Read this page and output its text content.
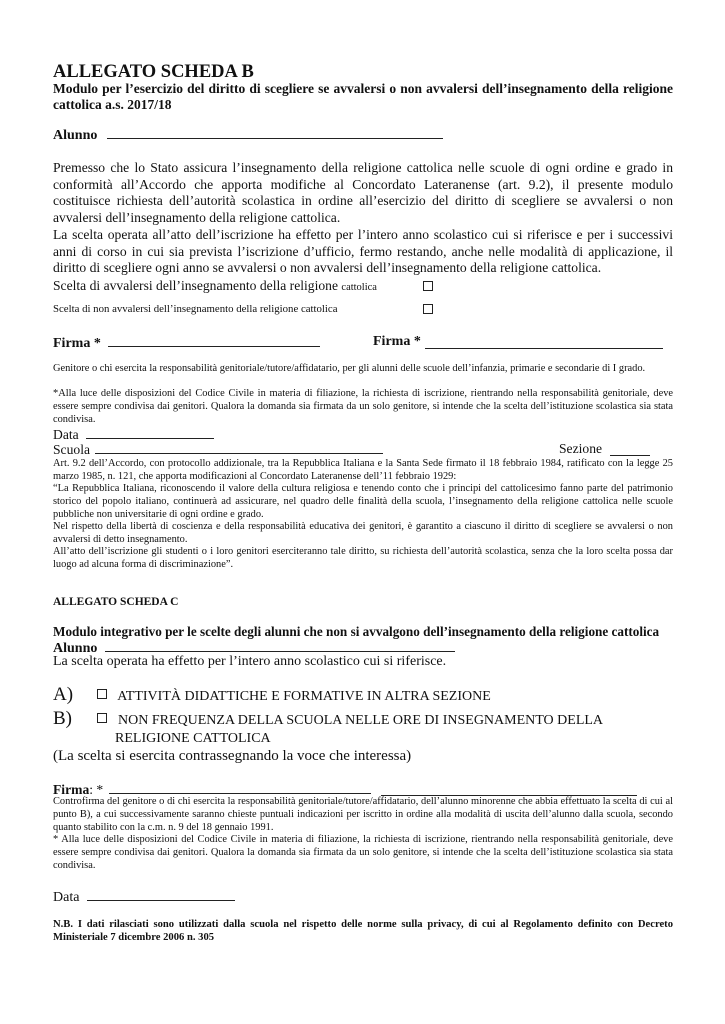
ALLEGATO SCHEDA B
Modulo per l’esercizio del diritto di scegliere se avvalersi o non avvalersi dell’insegnamento della religione cattolica a.s. 2017/18
Alunno
Premesso che lo Stato assicura l’insegnamento della religione cattolica nelle scuole di ogni ordine e grado in conformità all’Accordo che apporta modifiche al Concordato Lateranense (art. 9.2), il presente modulo costituisce richiesta dell’autorità scolastica in ordine all’esercizio del diritto di scegliere se avvalersi o non avvalersi dell’insegnamento della religione cattolica.
La scelta operata all’atto dell’iscrizione ha effetto per l’intero anno scolastico cui si riferisce e per i successivi anni di corso in cui sia prevista l’iscrizione d’ufficio, fermo restando, anche nelle modalità di applicazione, il diritto di scegliere ogni anno se avvalersi o non avvalersi dell’insegnamento della religione cattolica.
Scelta di avvalersi dell’insegnamento della religione cattolica
Scelta di non avvalersi dell’insegnamento della religione cattolica
Firma *	Firma *
Genitore o chi esercita la responsabilità genitoriale/tutore/affidatario, per gli alunni delle scuole dell’infanzia, primarie e secondarie di I grado.
*Alla luce delle disposizioni del Codice Civile in materia di filiazione, la richiesta di iscrizione, rientrando nella responsabilità genitoriale, deve essere sempre condivisa dai genitori. Qualora la domanda sia firmata da un solo genitore, si intende che la scelta dell’istituzione scolastica sia stata condivisa.
Data
Scuola	Sezione
Art. 9.2 dell’Accordo, con protocollo addizionale, tra la Repubblica Italiana e la Santa Sede firmato il 18 febbraio 1984, ratificato con la legge 25 marzo 1985, n. 121, che apporta modificazioni al Concordato Lateranense dell’11 febbraio 1929:
“La Repubblica Italiana, riconoscendo il valore della cultura religiosa e tenendo conto che i principi del cattolicesimo fanno parte del patrimonio storico del popolo italiano, continuerà ad assicurare, nel quadro delle finalità della scuola, l’insegnamento della religione cattolica nelle scuole pubbliche non universitarie di ogni ordine e grado.
Nel rispetto della libertà di coscienza e della responsabilità educativa dei genitori, è garantito a ciascuno il diritto di scegliere se avvalersi o non avvalersi di detto insegnamento.
All’atto dell’iscrizione gli studenti o i loro genitori eserciteranno tale diritto, su richiesta dell’autorità scolastica, senza che la loro scelta possa dar luogo ad alcuna forma di discriminazione”.
ALLEGATO SCHEDA C
Modulo integrativo per le scelte degli alunni che non si avvalgono dell’insegnamento della religione cattolica
Alunno
La scelta operata ha effetto per l’intero anno scolastico cui si riferisce.
A)	ATTIVITÀ DIDATTICHE E FORMATIVE IN ALTRA SEZIONE
B)	NON FREQUENZA DELLA SCUOLA NELLE ORE DI INSEGNAMENTO DELLA
RELIGIONE CATTOLICA
(La scelta si esercita contrassegnando la voce che interessa)
Firma: *
Controfirma del genitore o di chi esercita la responsabilità genitoriale/tutore/affidatario, dell’alunno minorenne che abbia effettuato la scelta di cui al punto B), a cui successivamente saranno chieste puntuali indicazioni per iscritto in ordine alla modalità di uscita dell’alunno dalla scuola, secondo quanto stabilito con la c.m. n. 9 del 18 gennaio 1991.
* Alla luce delle disposizioni del Codice Civile in materia di filiazione, la richiesta di iscrizione, rientrando nella responsabilità genitoriale, deve essere sempre condivisa dai genitori. Qualora la domanda sia firmata da un solo genitore, si intende che la scelta dell’istituzione scolastica sia stata condivisa.
Data
N.B. I dati rilasciati sono utilizzati dalla scuola nel rispetto delle norme sulla privacy, di cui al Regolamento definito con Decreto Ministeriale 7 dicembre 2006 n. 305
